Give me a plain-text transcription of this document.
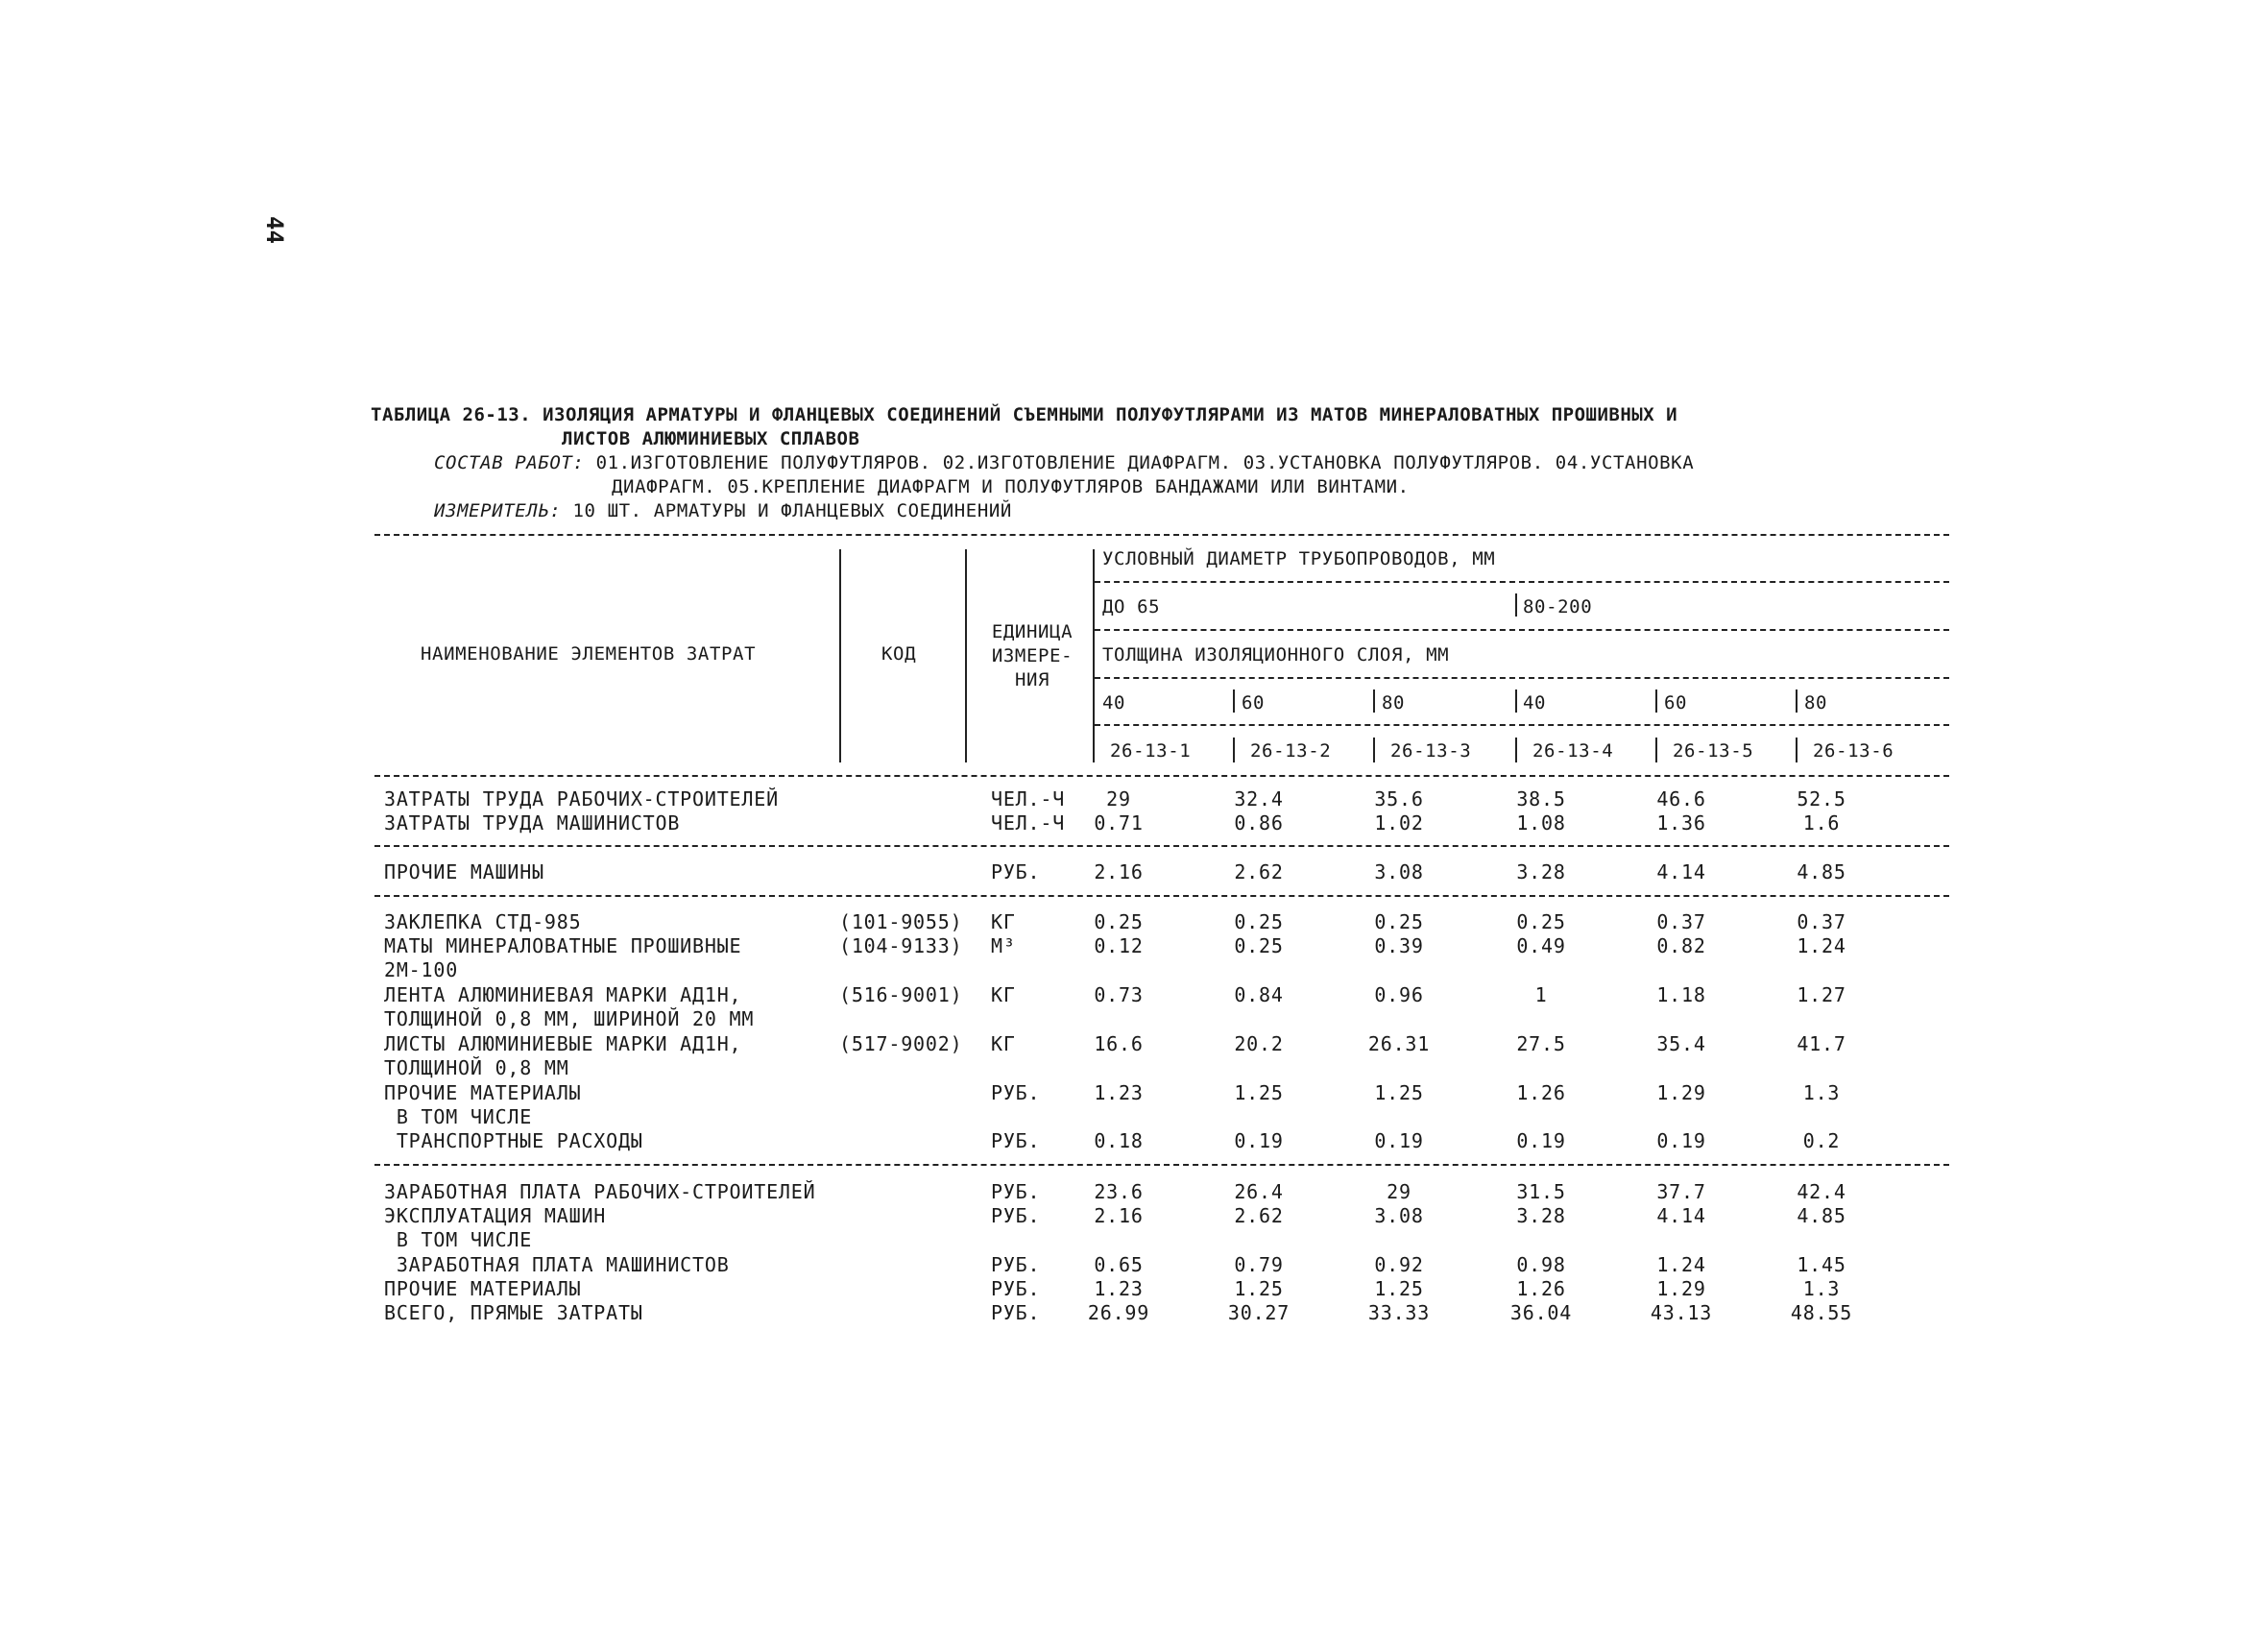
44
ТАБЛИЦА 26-13. ИЗОЛЯЦИЯ АРМАТУРЫ И ФЛАНЦЕВЫХ СОЕДИНЕНИЙ СЪЕМНЫМИ ПОЛУФУТЛЯРАМИ ИЗ МАТОВ МИНЕРАЛОВАТНЫХ ПРОШИВНЫХ И
ЛИСТОВ АЛЮМИНИЕВЫХ СПЛАВОВ
СОСТАВ РАБОТ: 01.ИЗГОТОВЛЕНИЕ ПОЛУФУТЛЯРОВ. 02.ИЗГОТОВЛЕНИЕ ДИАФРАГМ. 03.УСТАНОВКА ПОЛУФУТЛЯРОВ. 04.УСТАНОВКА
ДИАФРАГМ. 05.КРЕПЛЕНИЕ ДИАФРАГМ И ПОЛУФУТЛЯРОВ БАНДАЖАМИ ИЛИ ВИНТАМИ.
ИЗМЕРИТЕЛЬ: 10 ШТ. АРМАТУРЫ И ФЛАНЦЕВЫХ СОЕДИНЕНИЙ
НАИМЕНОВАНИЕ ЭЛЕМЕНТОВ ЗАТРАТ	КОД
ЕДИНИЦА
ИЗМЕРЕ-
НИЯ
УСЛОВНЫЙ ДИАМЕТР ТРУБОПРОВОДОВ, ММ
ДО 65	80-200
ТОЛЩИНА ИЗОЛЯЦИОННОГО СЛОЯ, ММ
40	60	80	40	60	80
26-13-1	26-13-2	26-13-3	26-13-4	26-13-5	26-13-6
ЗАТРАТЫ ТРУДА РАБОЧИХ-СТРОИТЕЛЕЙ	ЧЕЛ.-Ч	29	32.4	35.6	38.5	46.6	52.5
ЗАТРАТЫ ТРУДА МАШИНИСТОВ	ЧЕЛ.-Ч	0.71	0.86	1.02	1.08	1.36	1.6
ПРОЧИЕ МАШИНЫ	РУБ.	2.16	2.62	3.08	3.28	4.14	4.85
ЗАКЛЕПКА СТД-985	(101-9055) КГ	0.25	0.25	0.25	0.25	0.37	0.37
МАТЫ МИНЕРАЛОВАТНЫЕ ПРОШИВНЫЕ	(104-9133) М³	0.12	0.25	0.39	0.49	0.82	1.24
2М-100
ЛЕНТА АЛЮМИНИЕВАЯ МАРКИ АД1Н,	(516-9001) КГ	0.73	0.84	0.96	1	1.18	1.27
ТОЛЩИНОЙ 0,8 ММ, ШИРИНОЙ 20 ММ
ЛИСТЫ АЛЮМИНИЕВЫЕ МАРКИ АД1Н,	(517-9002) КГ	16.6	20.2	26.31	27.5	35.4	41.7
ТОЛЩИНОЙ 0,8 ММ
ПРОЧИЕ МАТЕРИАЛЫ	РУБ.	1.23	1.25	1.25	1.26	1.29	1.3
В ТОМ ЧИСЛЕ
ТРАНСПОРТНЫЕ РАСХОДЫ	РУБ.	0.18	0.19	0.19	0.19	0.19	0.2
ЗАРАБОТНАЯ ПЛАТА РАБОЧИХ-СТРОИТЕЛЕЙ	РУБ.	23.6	26.4	29	31.5	37.7	42.4
ЭКСПЛУАТАЦИЯ МАШИН	РУБ.	2.16	2.62	3.08	3.28	4.14	4.85
В ТОМ ЧИСЛЕ
ЗАРАБОТНАЯ ПЛАТА МАШИНИСТОВ	РУБ.	0.65	0.79	0.92	0.98	1.24	1.45
ПРОЧИЕ МАТЕРИАЛЫ	РУБ.	1.23	1.25	1.25	1.26	1.29	1.3
ВСЕГО, ПРЯМЫЕ ЗАТРАТЫ	РУБ.	26.99	30.27	33.33	36.04	43.13	48.55
